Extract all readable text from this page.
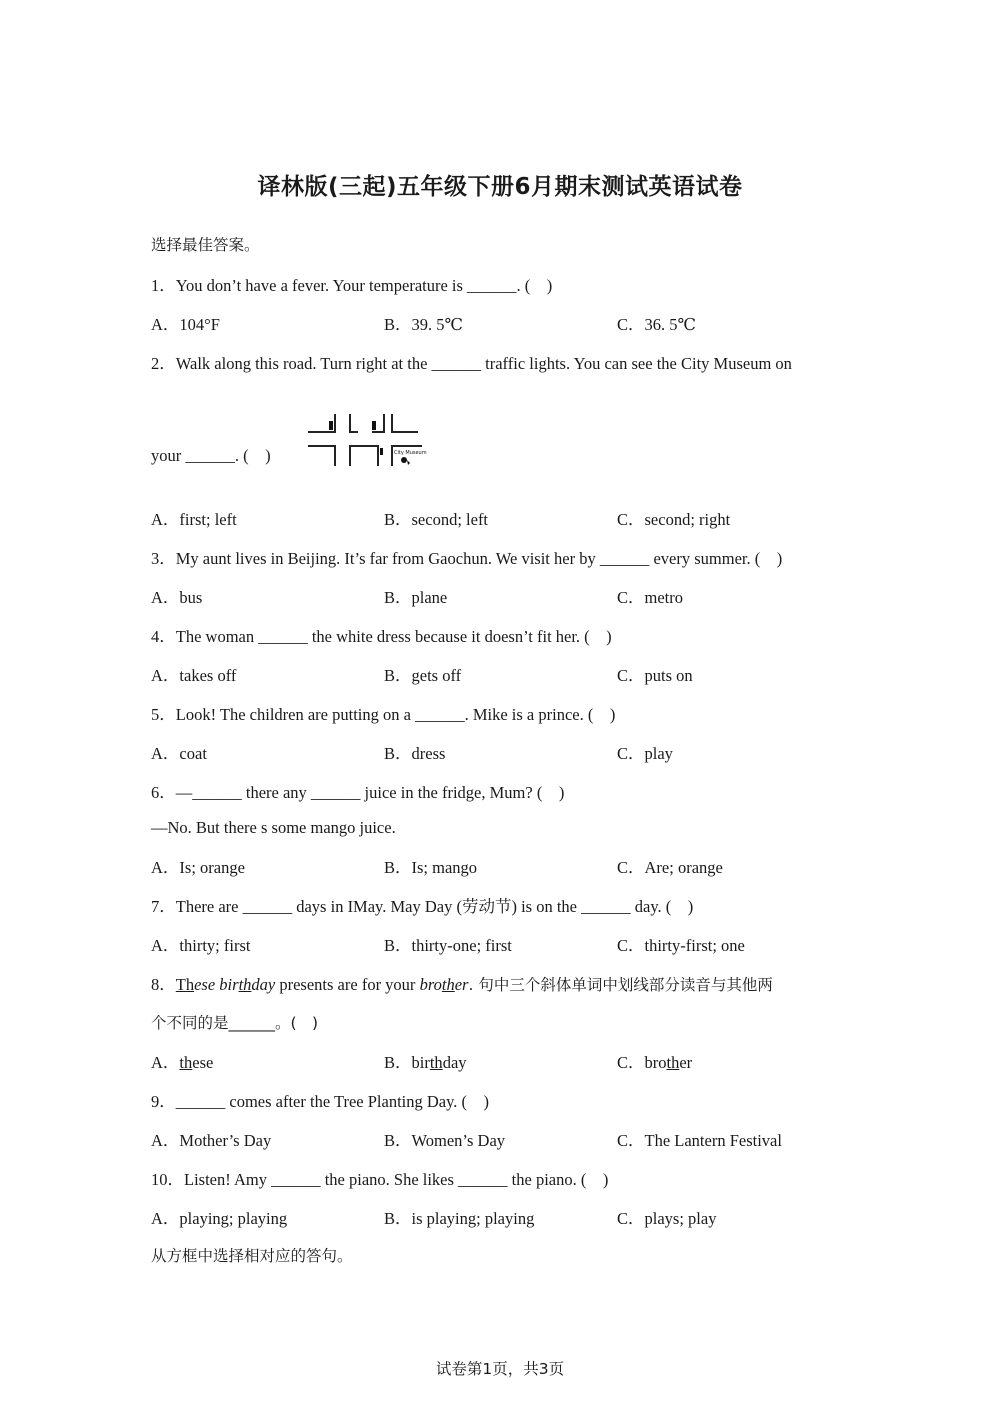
译林版(三起)五年级下册6月期末测试英语试卷
选择最佳答案。
1．You don’t have a fever. Your temperature is ______. (　)
A．104°F	B．39. 5℃	C．36. 5℃
2．Walk along this road. Turn right at the ______ traffic lights. You can see the City Museum on
your ______. (　)	City Museum
A．first; left	B．second; left	C．second; right
3．My aunt lives in Beijing. It’s far from Gaochun. We visit her by ______ every summer. (　)
A．bus	B．plane	C．metro
4．The woman ______ the white dress because it doesn’t fit her. (　)
A．takes off	B．gets off	C．puts on
5．Look! The children are putting on a ______. Mike is a prince. (　)
A．coat	B．dress	C．play
6．—______ there any ______ juice in the fridge, Mum? (　)
—No. But there s some mango juice.
A．Is; orange	B．Is; mango	C．Are; orange
7．There are ______ days in IMay. May Day (劳动节) is on the ______ day. (　)
A．thirty; first	B．thirty-one; first	C．thirty-first; one
8．These birthday presents are for your brother. 句中三个斜体单词中划线部分读音与其他两
个不同的是______。(　)
A．these	B．birthday	C．brother
9．______ comes after the Tree Planting Day. (　)
A．Mother’s Day	B．Women’s Day	C．The Lantern Festival
10．Listen! Amy ______ the piano. She likes ______ the piano. (　)
A．playing; playing	B．is playing; playing	C．plays; play
从方框中选择相对应的答句。
试卷第1页，共3页
